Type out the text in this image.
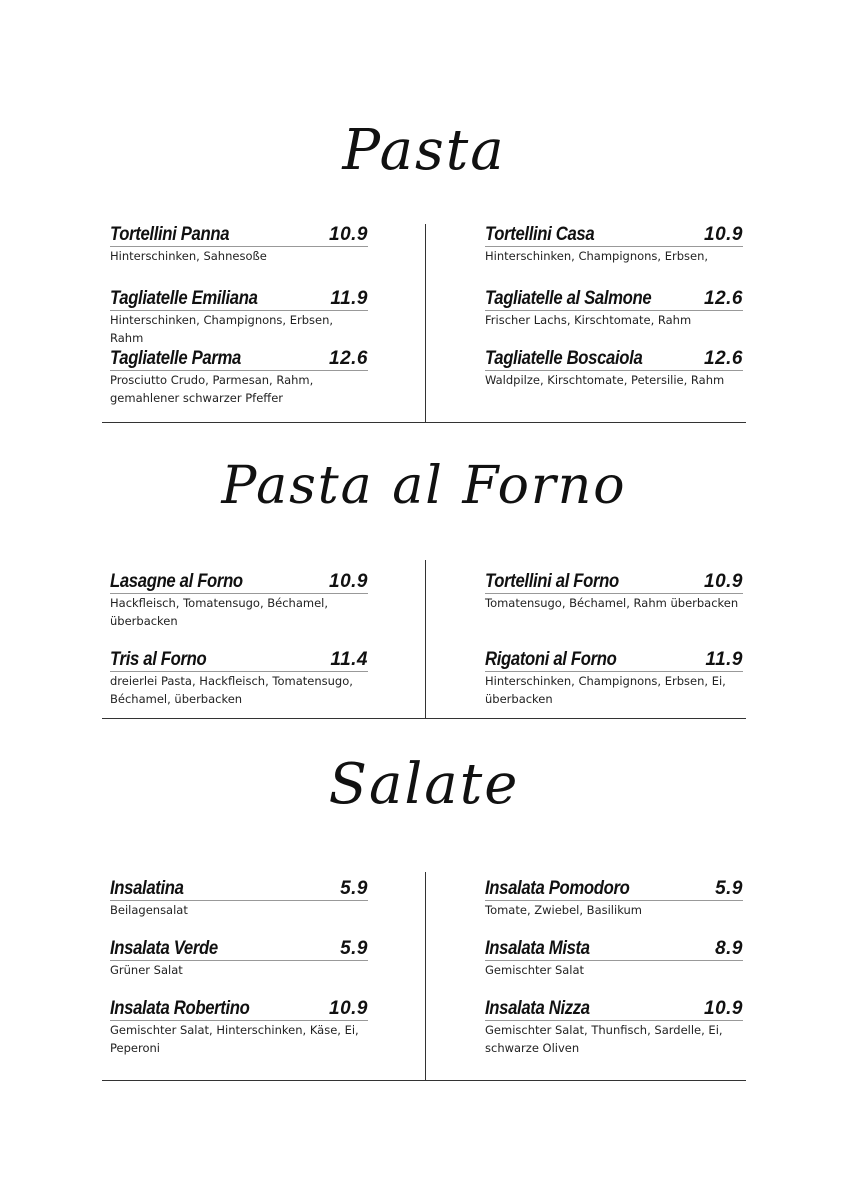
Pasta
Tortellini Panna	10.9
Hinterschinken, Sahnesoße
Tortellini Casa	10.9
Hinterschinken, Champignons, Erbsen,
Tagliatelle Emiliana	11.9
Hinterschinken, Champignons, Erbsen, Rahm
Tagliatelle al Salmone	12.6
Frischer Lachs, Kirschtomate, Rahm
Tagliatelle Parma	12.6
Prosciutto Crudo, Parmesan, Rahm, gemahlener schwarzer Pfeffer
Tagliatelle Boscaiola	12.6
Waldpilze, Kirschtomate, Petersilie, Rahm
Pasta al Forno
Lasagne al Forno	10.9
Hackfleisch, Tomatensugo, Béchamel, überbacken
Tortellini al Forno	10.9
Tomatensugo, Béchamel, Rahm überbacken
Tris al Forno	11.4
dreierlei Pasta, Hackfleisch, Tomatensugo, Béchamel, überbacken
Rigatoni al Forno	11.9
Hinterschinken, Champignons, Erbsen, Ei, überbacken
Salate
Insalatina	5.9
Beilagensalat
Insalata Pomodoro	5.9
Tomate, Zwiebel, Basilikum
Insalata Verde	5.9
Grüner Salat
Insalata Mista	8.9
Gemischter Salat
Insalata Robertino	10.9
Gemischter Salat, Hinterschinken, Käse, Ei, Peperoni
Insalata Nizza	10.9
Gemischter Salat, Thunfisch, Sardelle, Ei, schwarze Oliven
